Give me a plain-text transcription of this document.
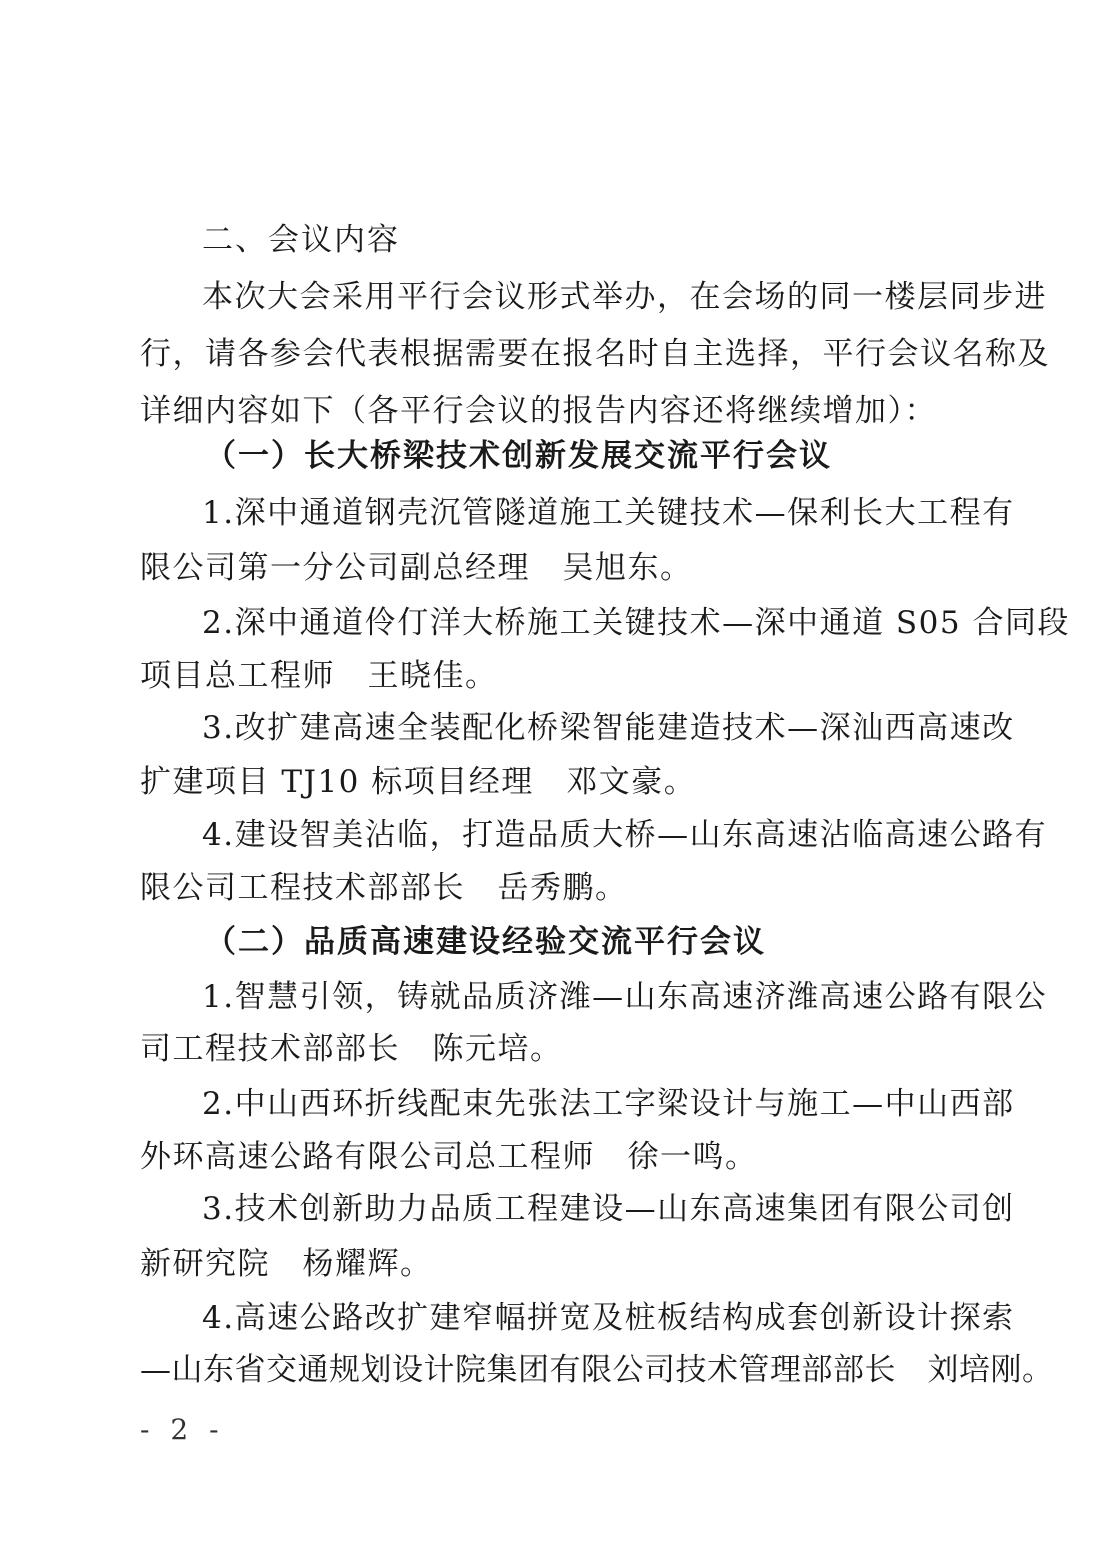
二、会议内容
本次大会采用平行会议形式举办，在会场的同一楼层同步进
行，请各参会代表根据需要在报名时自主选择，平行会议名称及
详细内容如下（各平行会议的报告内容还将继续增加）：
（一）长大桥梁技术创新发展交流平行会议
1.深中通道钢壳沉管隧道施工关键技术—保利长大工程有
限公司第一分公司副总经理　吴旭东。
2.深中通道伶仃洋大桥施工关键技术—深中通道 S05 合同段
项目总工程师　王晓佳。
3.改扩建高速全装配化桥梁智能建造技术—深汕西高速改
扩建项目 TJ10 标项目经理　邓文豪。
4.建设智美沾临，打造品质大桥—山东高速沾临高速公路有
限公司工程技术部部长　岳秀鹏。
（二）品质高速建设经验交流平行会议
1.智慧引领，铸就品质济潍—山东高速济潍高速公路有限公
司工程技术部部长　陈元培。
2.中山西环折线配束先张法工字梁设计与施工—中山西部
外环高速公路有限公司总工程师　徐一鸣。
3.技术创新助力品质工程建设—山东高速集团有限公司创
新研究院　杨耀辉。
4.高速公路改扩建窄幅拼宽及桩板结构成套创新设计探索
—山东省交通规划设计院集团有限公司技术管理部部长　刘培刚。
- 2 -
